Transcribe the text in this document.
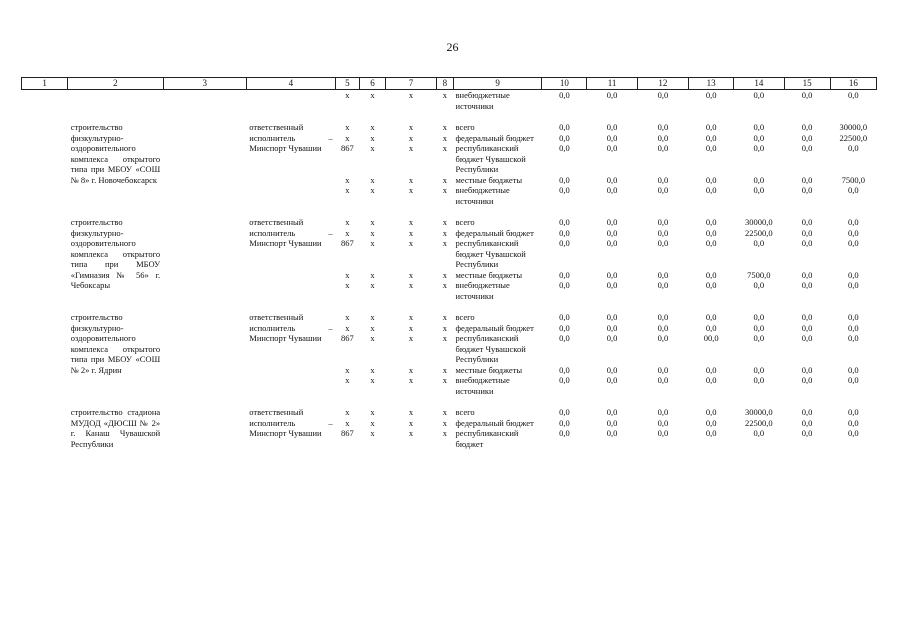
26
1	2	3	4	5	6	7	8	9	10	11	12	13	14	15	16
				х	х	х	х	внебюджетные источники	0,0	0,0	0,0	0,0	0,0	0,0	0,0

	строительство физкультурно-оздоровительного комплекса открытого типа при МБОУ «СОШ № 8» г. Новочебоксарск		ответственный исполнитель – Минспорт Чувашии	х	х	х	х	всего	0,0	0,0	0,0	0,0	0,0	0,0	30000,0
				х	х	х	х	федеральный бюджет	0,0	0,0	0,0	0,0	0,0	0,0	22500,0
				867	х	х	х	республиканский бюджет Чувашской Республики	0,0	0,0	0,0	0,0	0,0	0,0	0,0
				х	х	х	х	местные бюджеты	0,0	0,0	0,0	0,0	0,0	0,0	7500,0
				х	х	х	х	внебюджетные источники	0,0	0,0	0,0	0,0	0,0	0,0	0,0

	строительство физкультурно-оздоровительного комплекса открытого типа при МБОУ «Гимназия № 56» г. Чебоксары		ответственный исполнитель – Минспорт Чувашии	х	х	х	х	всего	0,0	0,0	0,0	0,0	30000,0	0,0	0,0
				х	х	х	х	федеральный бюджет	0,0	0,0	0,0	0,0	22500,0	0,0	0,0
				867	х	х	х	республиканский бюджет Чувашской Республики	0,0	0,0	0,0	0,0	0,0	0,0	0,0
				х	х	х	х	местные бюджеты	0,0	0,0	0,0	0,0	7500,0	0,0	0,0
				х	х	х	х	внебюджетные источники	0,0	0,0	0,0	0,0	0,0	0,0	0,0

	строительство физкультурно-оздоровительного комплекса открытого типа при МБОУ «СОШ № 2» г. Ядрин		ответственный исполнитель – Минспорт Чувашии	х	х	х	х	всего	0,0	0,0	0,0	0,0	0,0	0,0	0,0
				х	х	х	х	федеральный бюджет	0,0	0,0	0,0	0,0	0,0	0,0	0,0
				867	х	х	х	республиканский бюджет Чувашской Республики	0,0	0,0	0,0	00,0	0,0	0,0	0,0
				х	х	х	х	местные бюджеты	0,0	0,0	0,0	0,0	0,0	0,0	0,0
				х	х	х	х	внебюджетные источники	0,0	0,0	0,0	0,0	0,0	0,0	0,0

	строительство стадиона МУДОД «ДЮСШ № 2» г. Канаш Чувашской Республики		ответственный исполнитель – Минспорт Чувашии	х	х	х	х	всего	0,0	0,0	0,0	0,0	30000,0	0,0	0,0
				х	х	х	х	федеральный бюджет	0,0	0,0	0,0	0,0	22500,0	0,0	0,0
				867	х	х	х	республиканский бюджет	0,0	0,0	0,0	0,0	0,0	0,0	0,0
